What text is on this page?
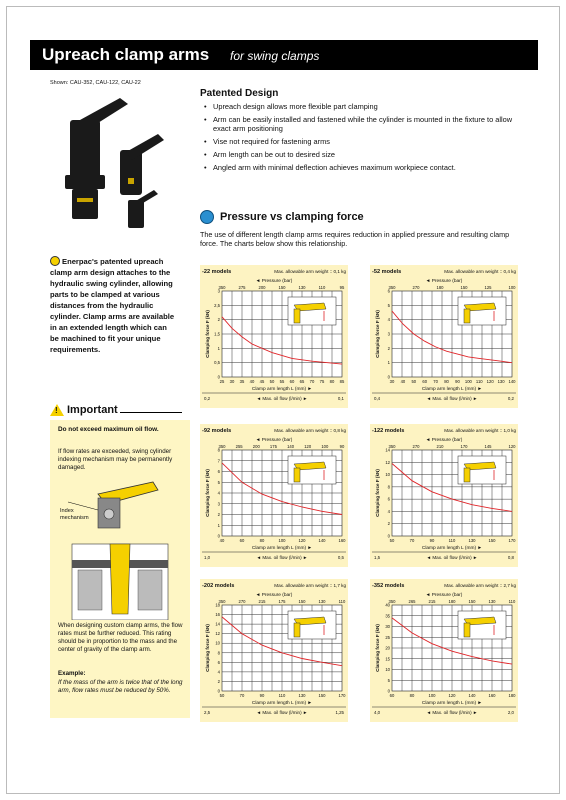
Upreach clamp arms for swing clamps
Shown: CAU-352, CAU-122, CAU-22
Enerpac's patented upreach clamp arm design attaches to the hydraulic swing cylinder, allowing parts to be clamped at various distances from the hydraulic cylinder. Clamp arms are available in an extended length which can be machined to fit your unique requirements.
! Important
Do not exceed maximum oil flow.
If flow rates are exceeded, swing cylinder indexing mechanism may be permanently damaged.
Index mechanism
When designing custom clamp arms, the flow rates must be further reduced. This rating should be in proportion to the mass and the center of gravity of the clamp arm.
Example:
If the mass of the arm is twice that of the long arm, flow rates must be reduced by 50%.
Patented Design
• Upreach design allows more flexible part clamping
• Arm can be easily installed and fastened while the cylinder is mounted in the fixture to allow exact arm positioning
• Vise not required for fastening arms
• Arm length can be out to desired size
• Angled arm with minimal deflection achieves maximum workpiece contact.
Pressure vs clamping force
The use of different length clamp arms requires reduction in applied pressure and resulting clamp force. The charts below show this relationship.
-22 models	Max. allowable arm weight :: 0,1 kg
◄ Pressure (bar)
350	275	200	150	130	110	95
0
0,5
1
1,5
2
2,5
3
25 30 35 40 45 50 55 60 65 70 75 80 85
Clamping force F (kN)
Clamp arm length L (mm) ►
0,2	◄ Max. oil flow (l/min) ►	0,1
-52 models	Max. allowable arm weight :: 0,4 kg
◄ Pressure (bar)
350	270	180	150	125	100
0
1
2
3
4
5
6
30 40 50 60 70 80 90 100 110 120 130 140
Clamping force F (kN)
Clamp arm length L (mm) ►
0,4	◄ Max. oil flow (l/min) ►	0,2
-92 models	Max. allowable arm weight :: 0,8 kg
◄ Pressure (bar)
350 255 200 175 140 120 100	90
0
1
2
3
4
5
6
7
8
40	60	80	100	120	140	160
Clamping force F (kN)
Clamp arm length L (mm) ►
1,0	◄ Max. oil flow (l/min) ►	0,5
-122 models	Max. allowable arm weight :: 1,0 kg
◄ Pressure (bar)
350	270	210	170	145	120
0
2
4
6
8
10
12
14
50	70	90	110	130	150	170
Clamping force F (kN)
Clamp arm length L (mm) ►
1,5	◄ Max. oil flow (l/min) ►	0,8
-202 models	Max. allowable arm weight :: 1,7 kg
◄ Pressure (bar)
350	270	215	175	150	130	110
0
2
4
6
8
10
12
14
16
18
50	70	90	110	130	150	170
Clamping force F (kN)
Clamp arm length L (mm) ►
2,5	◄ Max. oil flow (l/min) ►	1,25
-352 models	Max. allowable arm weight :: 2,7 kg
◄ Pressure (bar)
350	265	215	180	150	130	110
0
5
10
15
20
25
30
35
40
60	80	100	120	140	160	180
Clamping force F (kN)
Clamp arm length L (mm) ►
4,0	◄ Max. oil flow (l/min) ►	2,0
